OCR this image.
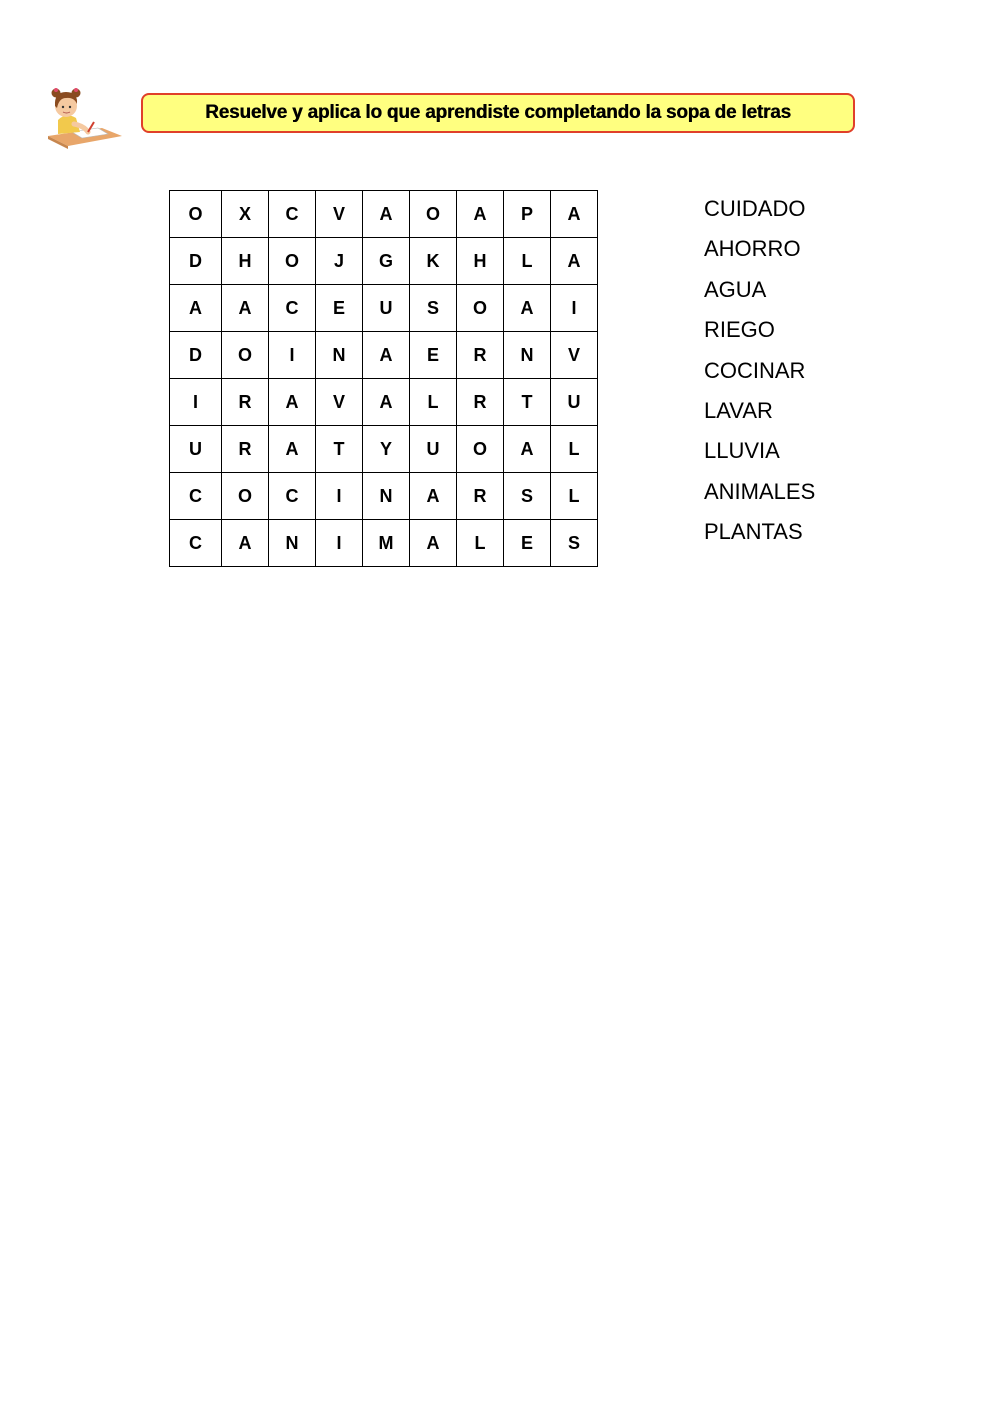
Resuelve y aplica lo que aprendiste completando la sopa de letras
O	X	C	V	A	O	A	P	A
D	H	O	J	G	K	H	L	A
A	A	C	E	U	S	O	A	I
D	O	I	N	A	E	R	N	V
I	R	A	V	A	L	R	T	U
U	R	A	T	Y	U	O	A	L
C	O	C	I	N	A	R	S	L
C	A	N	I	M	A	L	E	S
CUIDADO
AHORRO
AGUA
RIEGO
COCINAR
LAVAR
LLUVIA
ANIMALES
PLANTAS
